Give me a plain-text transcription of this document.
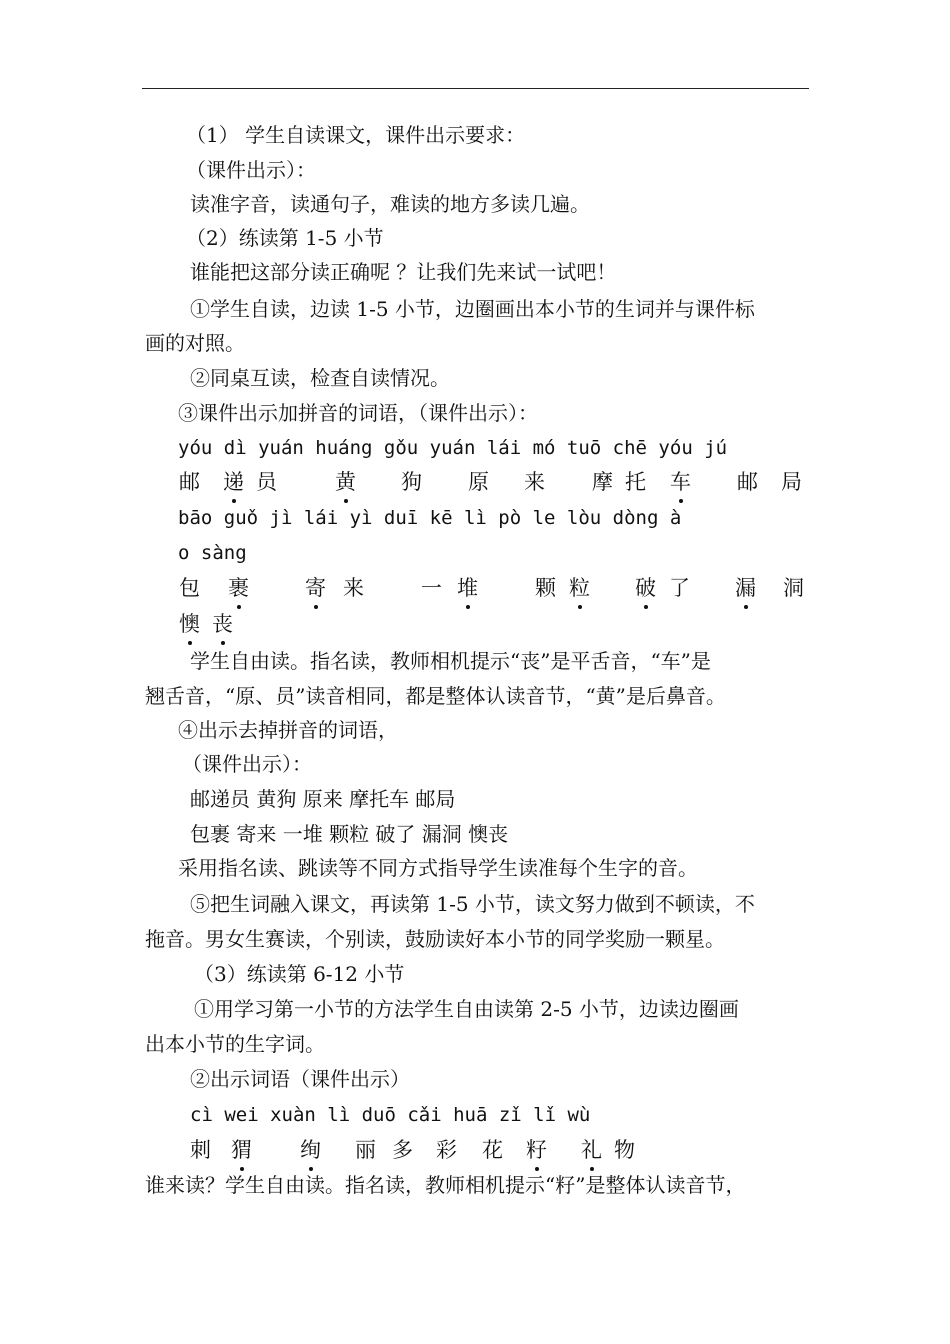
（1） 学生自读课文，课件出示要求：
（课件出示）：
读准字音，读通句子，难读的地方多读几遍。
（2）练读第 1-5 小节
谁能把这部分读正确呢 ？让我们先来试一试吧！
①学生自读，边读 1-5 小节，边圈画出本小节的生词并与课件标
画的对照。
②同桌互读，检查自读情况。
③课件出示加拼音的词语，（课件出示）：
yóu dì yuán huáng gǒu yuán lái mó tuō chē yóu jú
邮 递 员	黄 狗 原 来 摩 托 车 邮 局
bāo guǒ jì lái yì duī kē lì pò le lòu dòng à
o sàng
包 裹	寄 来	一 堆	颗 粒 破 了 漏 洞
懊 丧
学生自由读。指名读，教师相机提示“丧”是平舌音，“车”是
翘舌音，“原、员”读音相同，都是整体认读音节，“黄”是后鼻音。
④出示去掉拼音的词语，
（课件出示）：
邮递员 黄狗 原来 摩托车 邮局
包裹 寄来 一堆 颗粒 破了 漏洞 懊丧
采用指名读、跳读等不同方式指导学生读准每个生字的音。
⑤把生词融入课文，再读第 1-5 小节，读文努力做到不顿读，不
拖音。男女生赛读，个别读，鼓励读好本小节的同学奖励一颗星。
（3）练读第 6-12 小节
①用学习第一小节的方法学生自由读第 2-5 小节，边读边圈画
出本小节的生字词。
②出示词语（课件出示）
cì wei xuàn lì duō cǎi huā zǐ lǐ wù
刺 猬 绚 丽 多 彩 花 籽 礼 物
谁来读？学生自由读。指名读，教师相机提示“籽”是整体认读音节，
